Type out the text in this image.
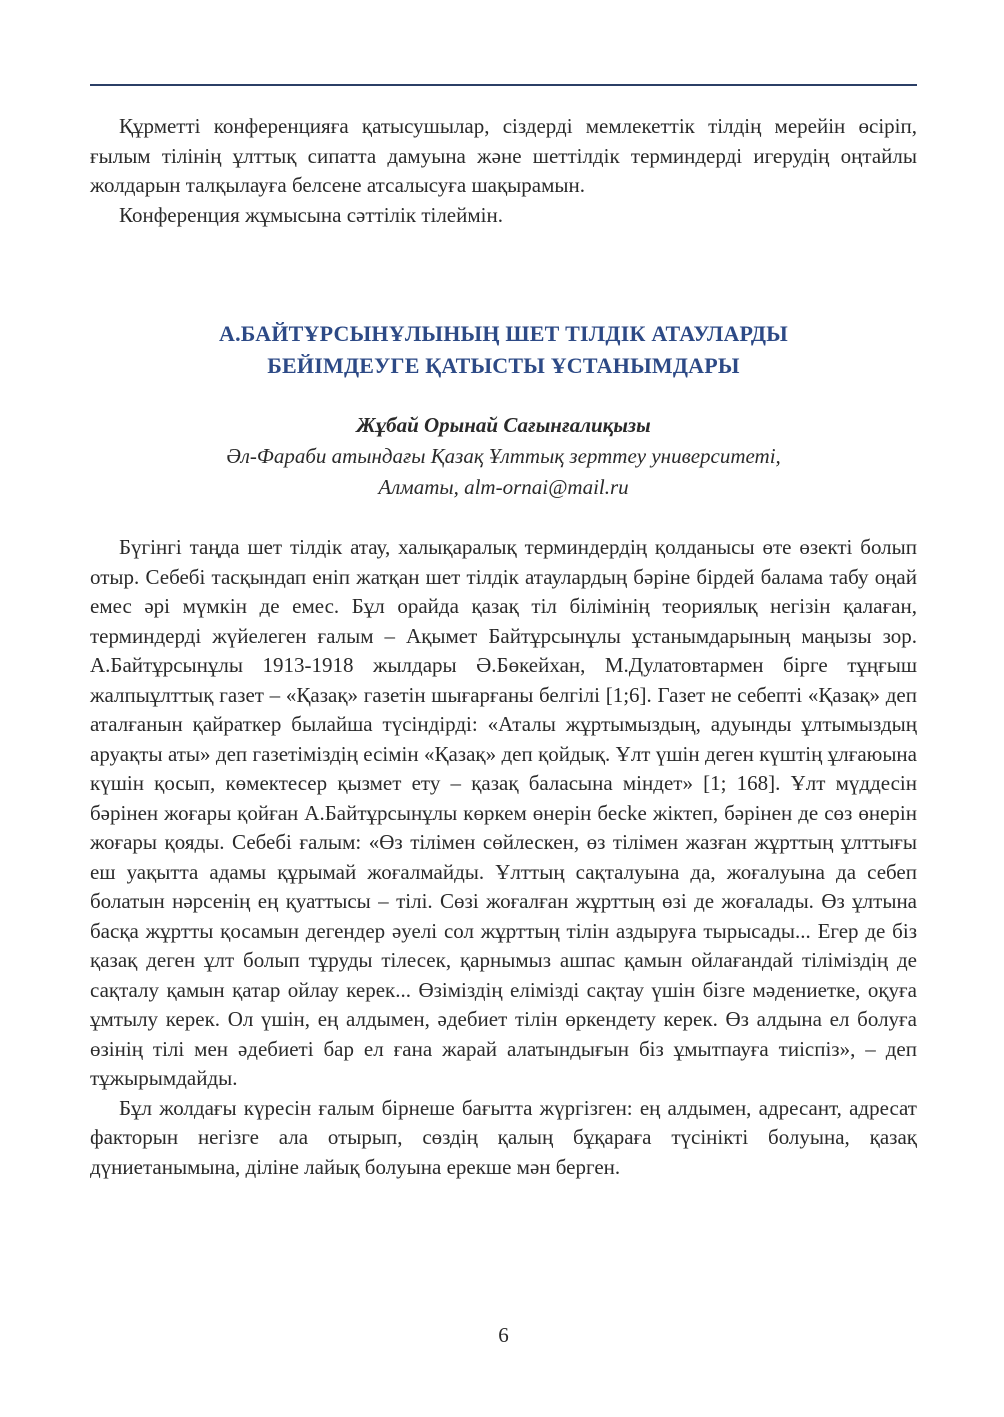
Құрметті конференцияға қатысушылар, сіздерді мемлекеттік тілдің мерейін өсіріп, ғылым тілінің ұлттық сипатта дамуына және шеттілдік терминдерді игерудің оңтайлы жолдарын талқылауға белсене атсалысуға шақырамын.

Конференция жұмысына сәттілік тілеймін.

А.БАЙТҰРСЫНҰЛЫНЫҢ ШЕТ ТІЛДІК АТАУЛАРДЫ
БЕЙІМДЕУГЕ ҚАТЫСТЫ ҰСТАНЫМДАРЫ
Жұбай Орынай Сағынғалиқызы
Әл-Фараби атындағы Қазақ Ұлттық зерттеу университеті,
Алматы, alm-ornai@mail.ru

Бүгінгі таңда шет тілдік атау, халықаралық терминдердің қолданысы өте өзекті болып отыр. Себебі тасқындап еніп жатқан шет тілдік атаулардың бәріне бірдей балама табу оңай емес әрі мүмкін де емес. Бұл орайда қазақ тіл білімінің теориялық негізін қалаған, терминдерді жүйелеген ғалым – Ақымет Байтұрсынұлы ұстанымдарының маңызы зор. А.Байтұрсынұлы 1913-1918 жылдары Ә.Бөкейхан, М.Дулатовтармен бірге тұңғыш жалпыұлттық газет – «Қазақ» газетін шығарғаны белгілі [1;6]. Газет не себепті «Қазақ» деп аталғанын қайраткер былайша түсіндірді: «Аталы жұртымыздың, адуынды ұлтымыздың аруақты аты» деп газетіміздің есімін «Қазақ» деп қойдық. Ұлт үшін деген күштің ұлғаюына күшін қосып, көмектесер қызмет ету – қазақ баласына міндет» [1; 168]. Ұлт мүддесін бәрінен жоғары қойған А.Байтұрсынұлы көркем өнерін бесke жіктеп, бәрінен де сөз өнерін жоғары қояды. Себебі ғалым: «Өз тілімен сөйлескен, өз тілімен жазған жұрттың ұлттығы еш уақытта адамы құрымай жоғалмайды. Ұлттың сақталуына да, жоғалуына да себеп болатын нәрсенің ең қуаттысы – тілі. Сөзі жоғалған жұрттың өзі де жоғалады. Өз ұлтына басқа жұртты қосамын дегендер әуелі сол жұрттың тілін аздыруға тырысады... Егер де біз қазақ деген ұлт болып тұруды тілесек, қарнымыз ашпас қамын ойлағандай тіліміздің де сақталу қамын қатар ойлау керек... Өзіміздің елімізді сақтау үшін бізге мәдениетке, оқуға ұмтылу керек. Ол үшін, ең алдымен, әдебиет тілін өркендету керек. Өз алдына ел болуға өзінің тілі мен әдебиеті бар ел ғана жарай алатындығын біз ұмытпауға тиіспіз», – деп тұжырымдайды.

Бұл жолдағы күресін ғалым бірнеше бағытта жүргізген: ең алдымен, адресант, адресат факторын негізге ала отырып, сөздің қалың бұқараға түсінікті болуына, қазақ дүниетанымына, діліне лайық болуына ерекше мән берген.

6
